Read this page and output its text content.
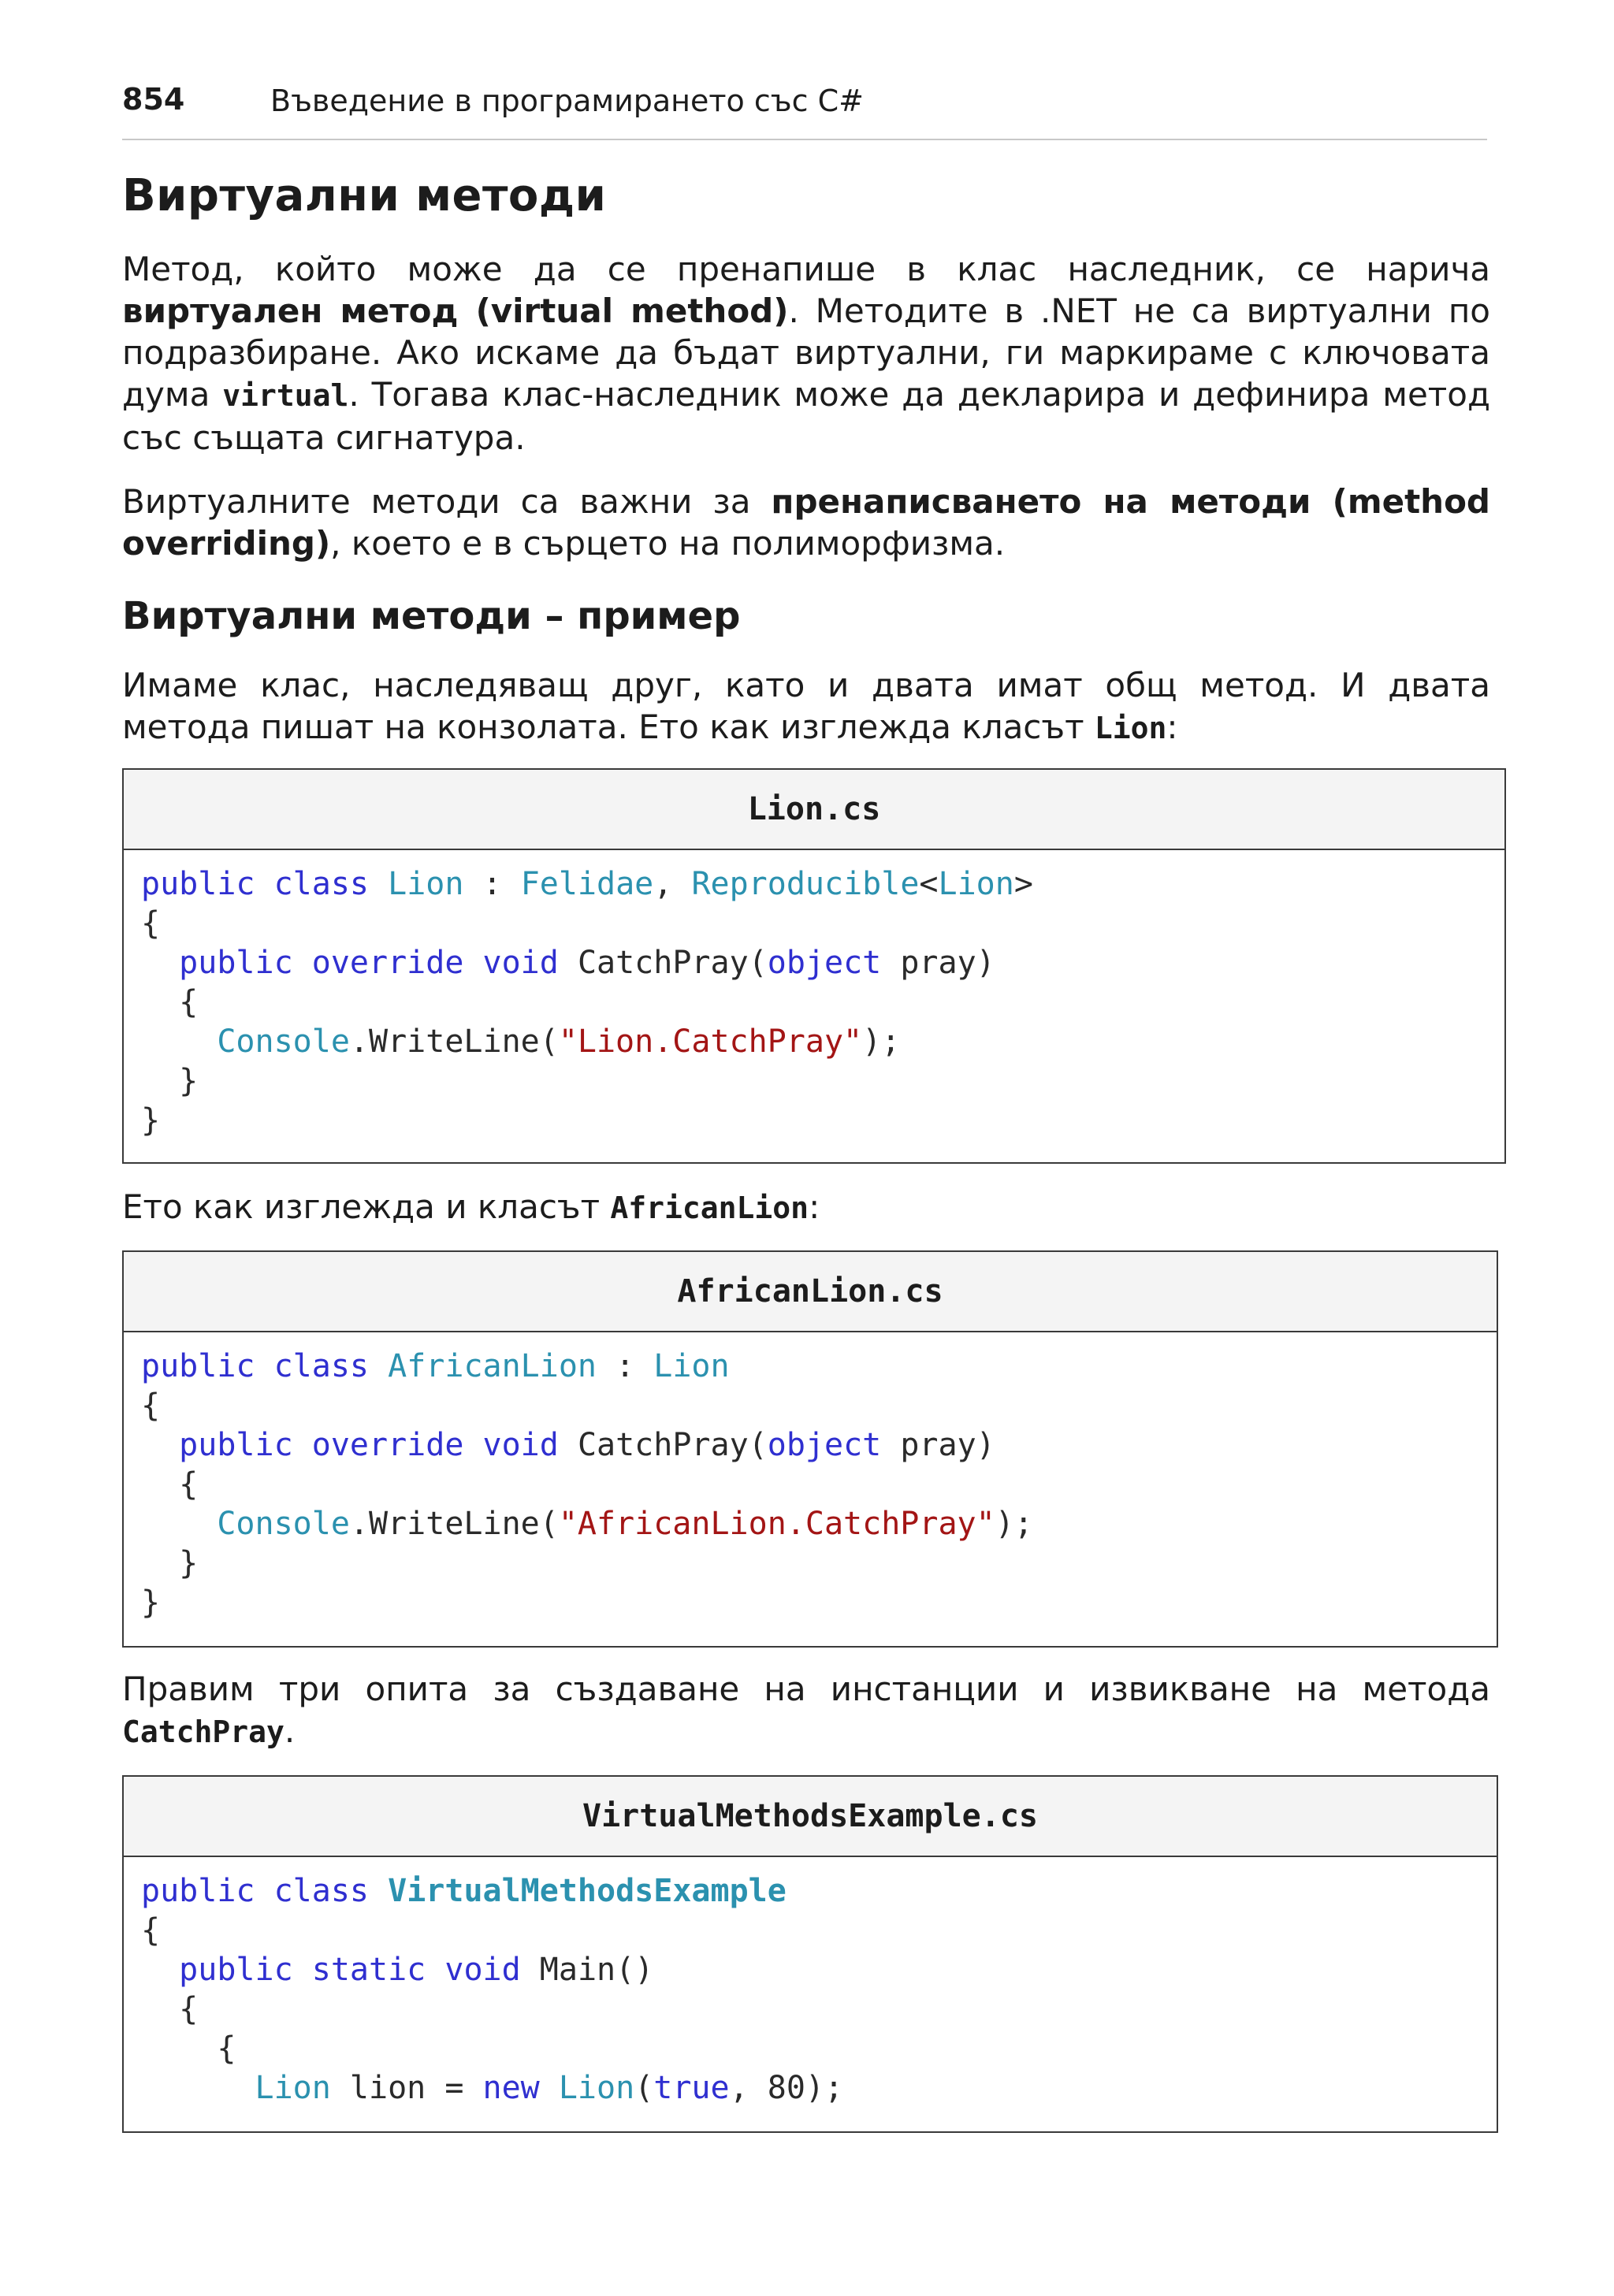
854	Въведение в програмирането със C#
Виртуални методи

Метод, който може да се пренапише в клас наследник, се нарича виртуален метод (virtual method). Методите в .NET не са виртуални по подразбиране. Ако искаме да бъдат виртуални, ги маркираме с ключовата дума virtual. Тогава клас-наследник може да декларира и дефинира метод със същата сигнатура.

Виртуалните методи са важни за пренаписването на методи (method overriding), което е в сърцето на полиморфизма.

Виртуални методи – пример

Имаме клас, наследяващ друг, като и двата имат общ метод. И двата метода пишат на конзолата. Ето как изглежда класът Lion:

Lion.cs
public class Lion : Felidae, Reproducible<Lion>
{
public override void CatchPray(object pray)
{
Console.WriteLine("Lion.CatchPray");
}
}

Ето как изглежда и класът AfricanLion:

AfricanLion.cs
public class AfricanLion : Lion
{
public override void CatchPray(object pray)
{
Console.WriteLine("AfricanLion.CatchPray");
}
}

Правим три опита за създаване на инстанции и извикване на метода CatchPray.

VirtualMethodsExample.cs
public class VirtualMethodsExample
{
public static void Main()
{
{
Lion lion = new Lion(true, 80);
